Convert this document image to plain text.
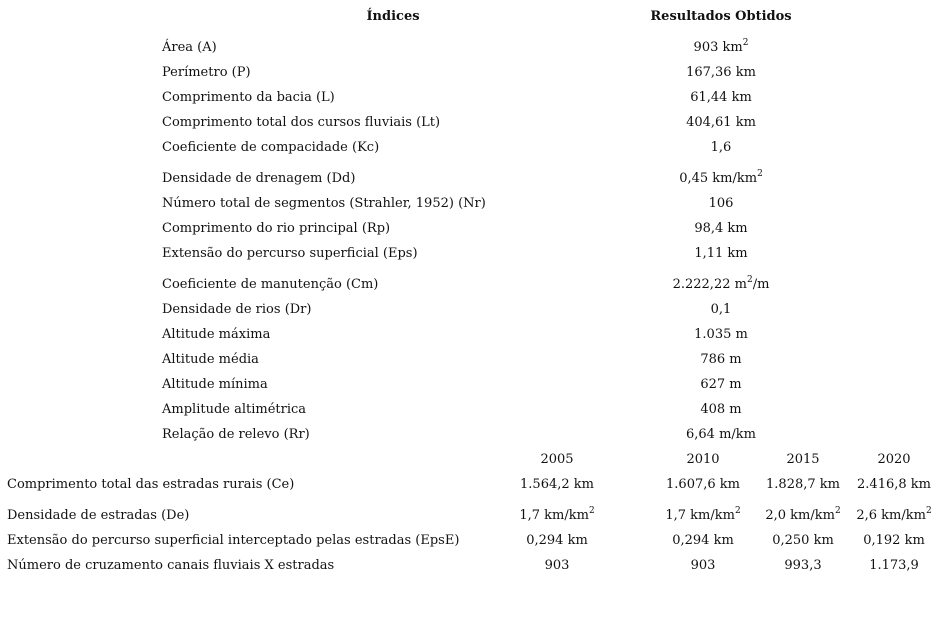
Índices	Resultados Obtidos
Área (A)	903 $km^2$
Perímetro (P)	167,36 km
Comprimento da bacia (L)	61,44 km
Comprimento total dos cursos fluviais (Lt)	404,61 km
Coeficiente de compacidade (Kc)	1,6
Densidade de drenagem (Dd)	0,45 $km/km^2$
Número total de segmentos (Strahler, 1952) (Nr)	106
Comprimento do rio principal (Rp)	98,4 km
Extensão do percurso superficial (Eps)	1,11 km
Coeficiente de manutenção (Cm)	2.222,22 $m^2/m$
Densidade de rios (Dr)	0,1
Altitude máxima	1.035 m
Altitude média	786 m
Altitude mínima	627 m
Amplitude altimétrica	408 m
Relação de relevo (Rr)	6,64 m/km
2005	2010	2015	2020
Comprimento total das estradas rurais (Ce)	1.564,2 km	1.607,6 km 1.828,7 km 2.416,8 km
Densidade de estradas (De)	1,7 $km/km^2$	1,7 $km/km^2$ 2,0 $km/km^2$ 2,6 $km/km^2$
Extensão do percurso superficial interceptado pelas estradas (EpsE)	0,294 km	0,294 km	0,250 km 0,192 km
Número de cruzamento canais fluviais X estradas	903	903	993,3	1.173,9
